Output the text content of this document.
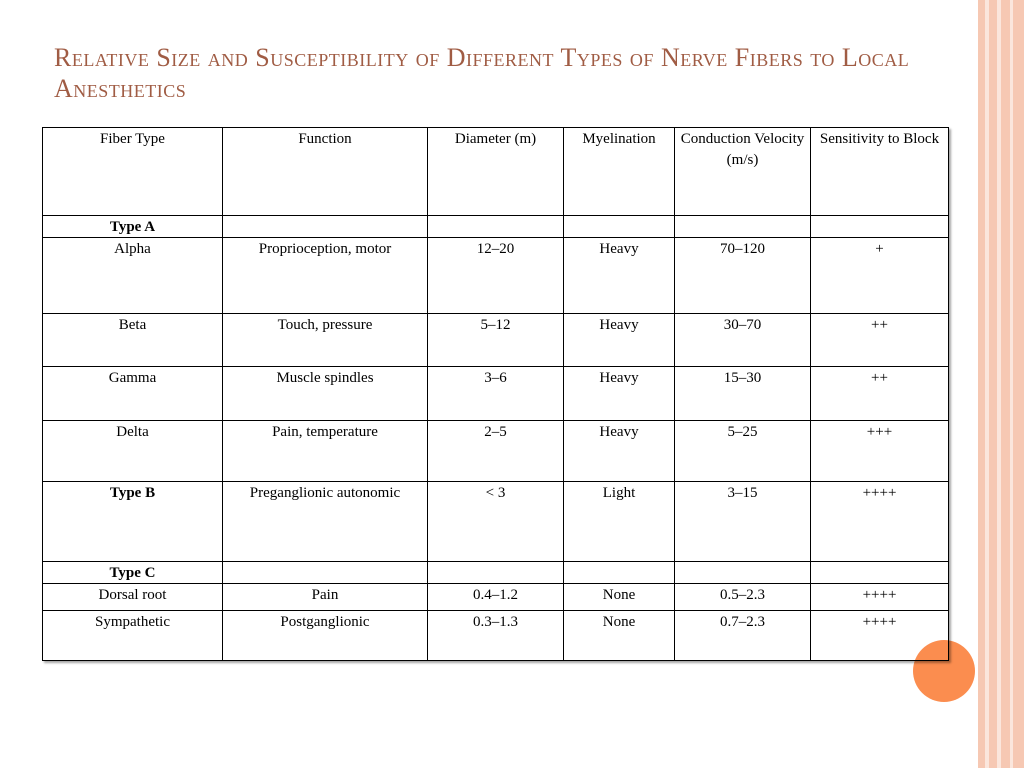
Relative Size and Susceptibility of Different Types of Nerve Fibers to Local Anesthetics
Fiber Type	Function	Diameter (m)	Myelination	Conduction Velocity (m/s)	Sensitivity to Block

Type A					

Alpha	Proprioception, motor	12–20	Heavy	70–120	+

Beta	Touch, pressure	5–12	Heavy	30–70	++

Gamma	Muscle spindles	3–6	Heavy	15–30	++

Delta	Pain, temperature	2–5	Heavy	5–25	+++

Type B	Preganglionic autonomic	< 3	Light	3–15	++++

Type C					

Dorsal root	Pain	0.4–1.2	None	0.5–2.3	++++

Sympathetic	Postganglionic	0.3–1.3	None	0.7–2.3	++++
